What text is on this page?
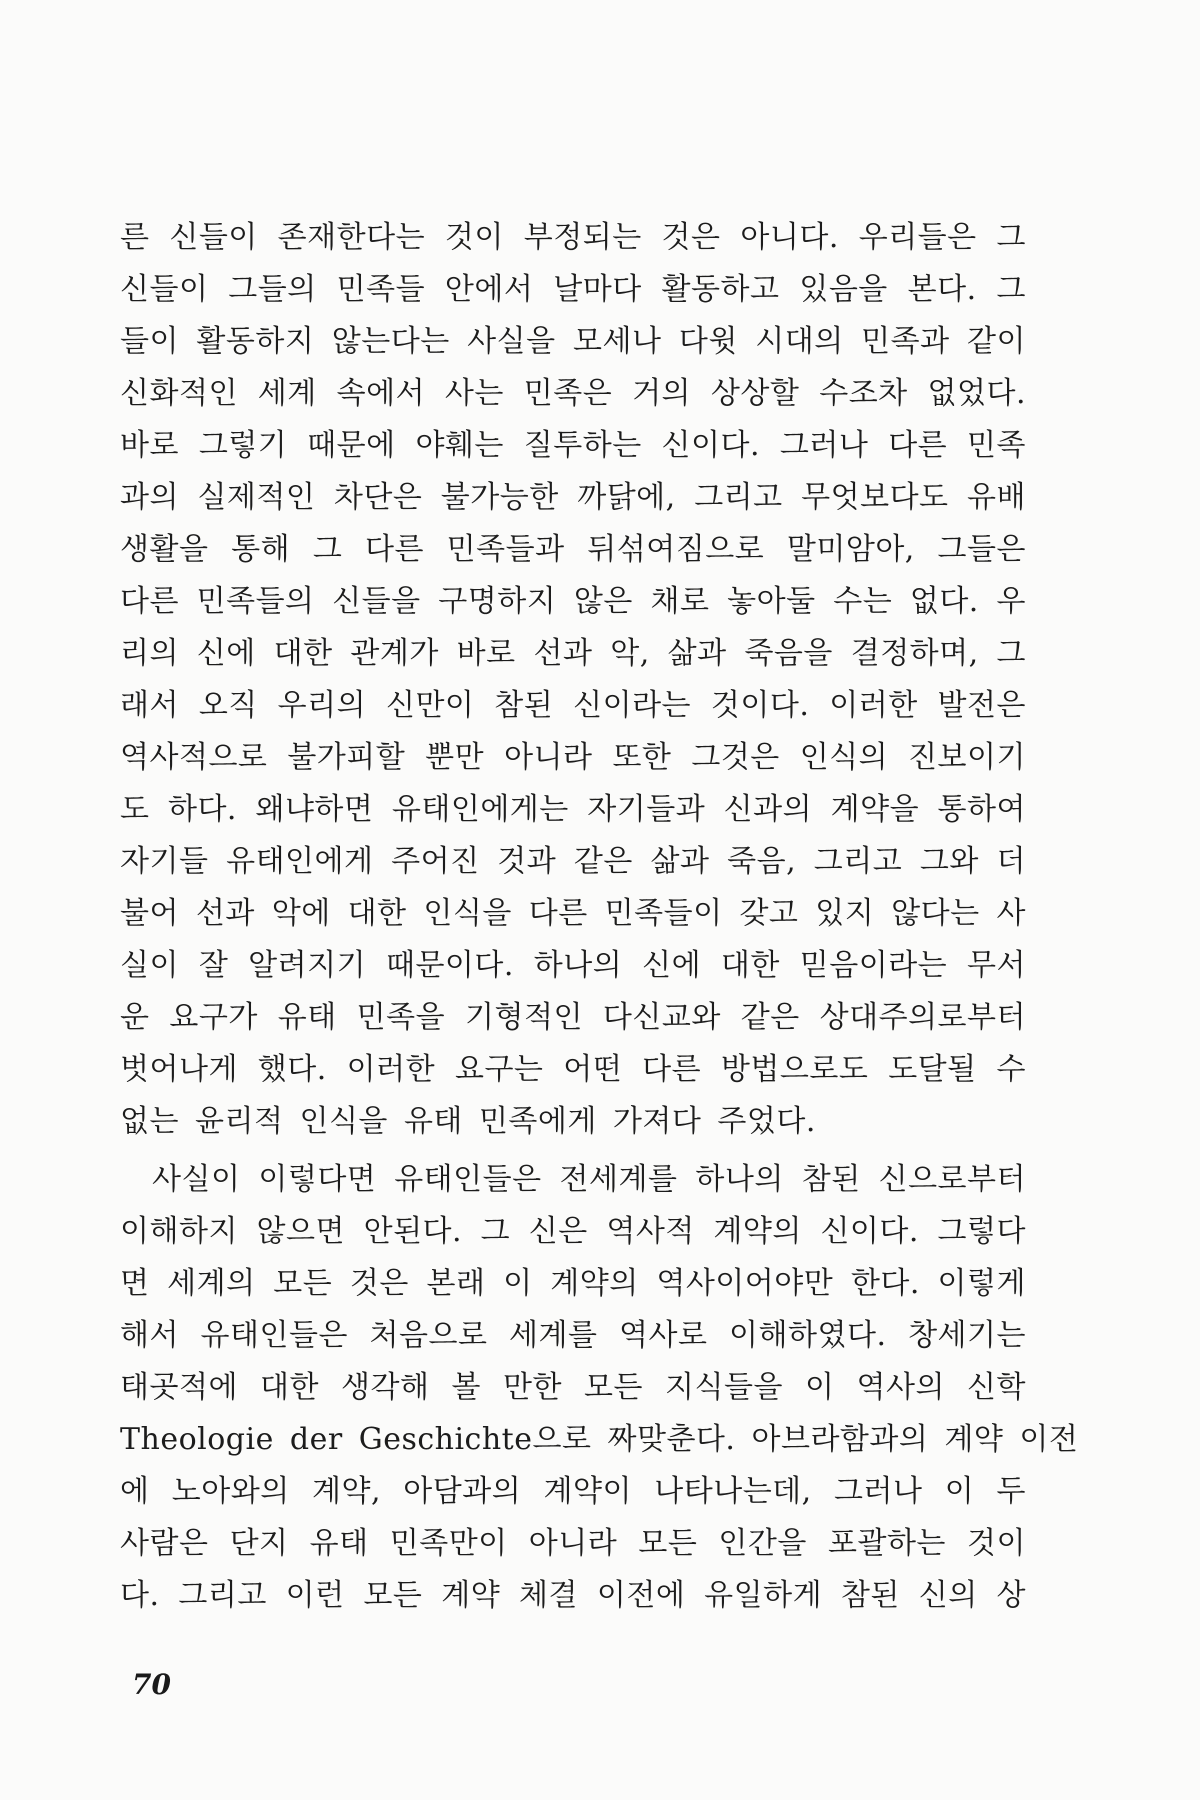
른 신들이 존재한다는 것이 부정되는 것은 아니다. 우리들은 그
신들이 그들의 민족들 안에서 날마다 활동하고 있음을 본다. 그
들이 활동하지 않는다는 사실을 모세나 다윗 시대의 민족과 같이
신화적인 세계 속에서 사는 민족은 거의 상상할 수조차 없었다.
바로 그렇기 때문에 야훼는 질투하는 신이다. 그러나 다른 민족
과의 실제적인 차단은 불가능한 까닭에, 그리고 무엇보다도 유배
생활을 통해 그 다른 민족들과 뒤섞여짐으로 말미암아, 그들은
다른 민족들의 신들을 구명하지 않은 채로 놓아둘 수는 없다. 우
리의 신에 대한 관계가 바로 선과 악, 삶과 죽음을 결정하며, 그
래서 오직 우리의 신만이 참된 신이라는 것이다. 이러한 발전은
역사적으로 불가피할 뿐만 아니라 또한 그것은 인식의 진보이기
도 하다. 왜냐하면 유태인에게는 자기들과 신과의 계약을 통하여
자기들 유태인에게 주어진 것과 같은 삶과 죽음, 그리고 그와 더
불어 선과 악에 대한 인식을 다른 민족들이 갖고 있지 않다는 사
실이 잘 알려지기 때문이다. 하나의 신에 대한 믿음이라는 무서
운 요구가 유태 민족을 기형적인 다신교와 같은 상대주의로부터
벗어나게 했다. 이러한 요구는 어떤 다른 방법으로도 도달될 수
없는 윤리적 인식을 유태 민족에게 가져다 주었다.
사실이 이렇다면 유태인들은 전세계를 하나의 참된 신으로부터
이해하지 않으면 안된다. 그 신은 역사적 계약의 신이다. 그렇다
면 세계의 모든 것은 본래 이 계약의 역사이어야만 한다. 이렇게
해서 유태인들은 처음으로 세계를 역사로 이해하였다. 창세기는
태곳적에 대한 생각해 볼 만한 모든 지식들을 이 역사의 신학
Theologie der Geschichte으로 짜맞춘다. 아브라함과의 계약 이전
에 노아와의 계약, 아담과의 계약이 나타나는데, 그러나 이 두
사람은 단지 유태 민족만이 아니라 모든 인간을 포괄하는 것이
다. 그리고 이런 모든 계약 체결 이전에 유일하게 참된 신의 상
70
